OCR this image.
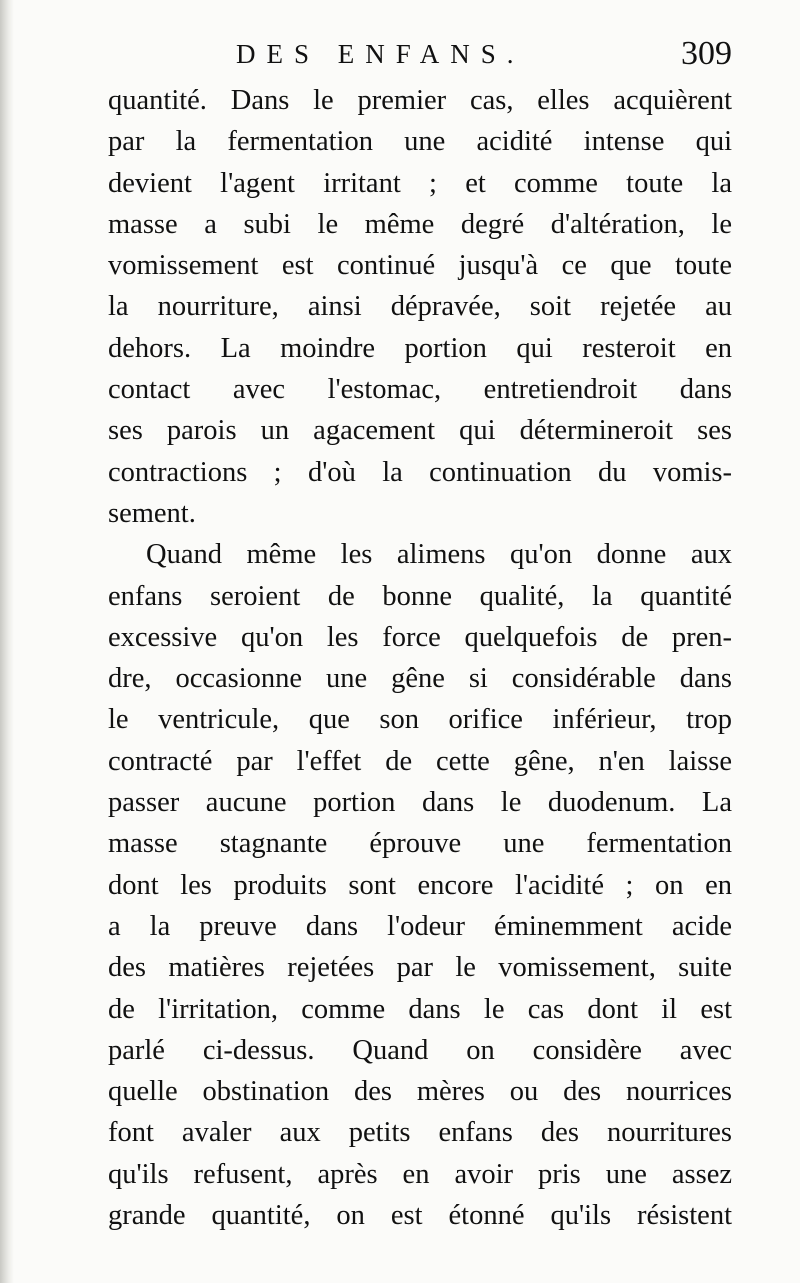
DES ENFANS.	309
quantité. Dans le premier cas, elles acquièrent
par la fermentation une acidité intense qui
devient l'agent irritant ; et comme toute la
masse a subi le même degré d'altération, le
vomissement est continué jusqu'à ce que toute
la nourriture, ainsi dépravée, soit rejetée au
dehors. La moindre portion qui resteroit en
contact avec l'estomac, entretiendroit dans
ses parois un agacement qui détermineroit ses
contractions ; d'où la continuation du vomis-
sement.
Quand même les alimens qu'on donne aux
enfans seroient de bonne qualité, la quantité
excessive qu'on les force quelquefois de pren-
dre, occasionne une gêne si considérable dans
le ventricule, que son orifice inférieur, trop
contracté par l'effet de cette gêne, n'en laisse
passer aucune portion dans le duodenum. La
masse stagnante éprouve une fermentation
dont les produits sont encore l'acidité ; on en
a la preuve dans l'odeur éminemment acide
des matières rejetées par le vomissement, suite
de l'irritation, comme dans le cas dont il est
parlé ci-dessus. Quand on considère avec
quelle obstination des mères ou des nourrices
font avaler aux petits enfans des nourritures
qu'ils refusent, après en avoir pris une assez
grande quantité, on est étonné qu'ils résistent
